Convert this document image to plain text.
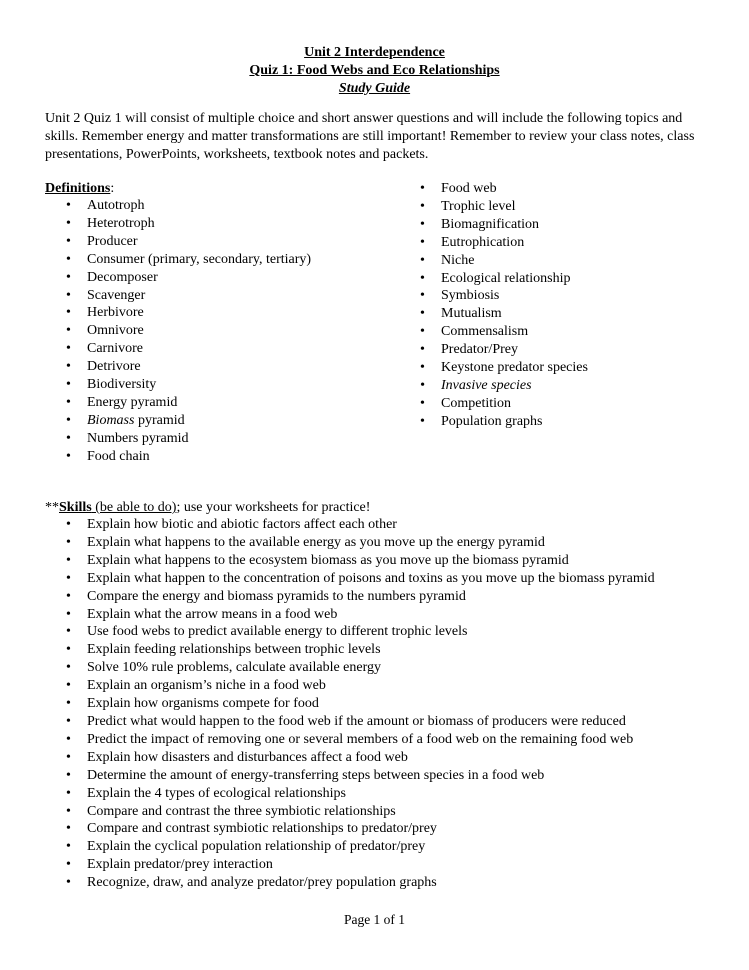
Unit 2 Interdependence
Quiz 1: Food Webs and Eco Relationships
Study Guide
Unit 2 Quiz 1 will consist of multiple choice and short answer questions and will include the following topics and skills. Remember energy and matter transformations are still important! Remember to review your class notes, class presentations, PowerPoints, worksheets, textbook notes and packets.
Definitions:
• Autotroph
• Heterotroph
• Producer
• Consumer (primary, secondary, tertiary)
• Decomposer
• Scavenger
• Herbivore
• Omnivore
• Carnivore
• Detrivore
• Biodiversity
• Energy pyramid
• Biomass pyramid
• Numbers pyramid
• Food chain
• Food web
• Trophic level
• Biomagnification
• Eutrophication
• Niche
• Ecological relationship
• Symbiosis
• Mutualism
• Commensalism
• Predator/Prey
• Keystone predator species
• Invasive species
• Competition
• Population graphs
**Skills (be able to do); use your worksheets for practice!
• Explain how biotic and abiotic factors affect each other
• Explain what happens to the available energy as you move up the energy pyramid
• Explain what happens to the ecosystem biomass as you move up the biomass pyramid
• Explain what happen to the concentration of poisons and toxins as you move up the biomass pyramid
• Compare the energy and biomass pyramids to the numbers pyramid
• Explain what the arrow means in a food web
• Use food webs to predict available energy to different trophic levels
• Explain feeding relationships between trophic levels
• Solve 10% rule problems, calculate available energy
• Explain an organism’s niche in a food web
• Explain how organisms compete for food
• Predict what would happen to the food web if the amount or biomass of producers were reduced
• Predict the impact of removing one or several members of a food web on the remaining food web
• Explain how disasters and disturbances affect a food web
• Determine the amount of energy-transferring steps between species in a food web
• Explain the 4 types of ecological relationships
• Compare and contrast the three symbiotic relationships
• Compare and contrast symbiotic relationships to predator/prey
• Explain the cyclical population relationship of predator/prey
• Explain predator/prey interaction
• Recognize, draw, and analyze predator/prey population graphs
Page 1 of 1
